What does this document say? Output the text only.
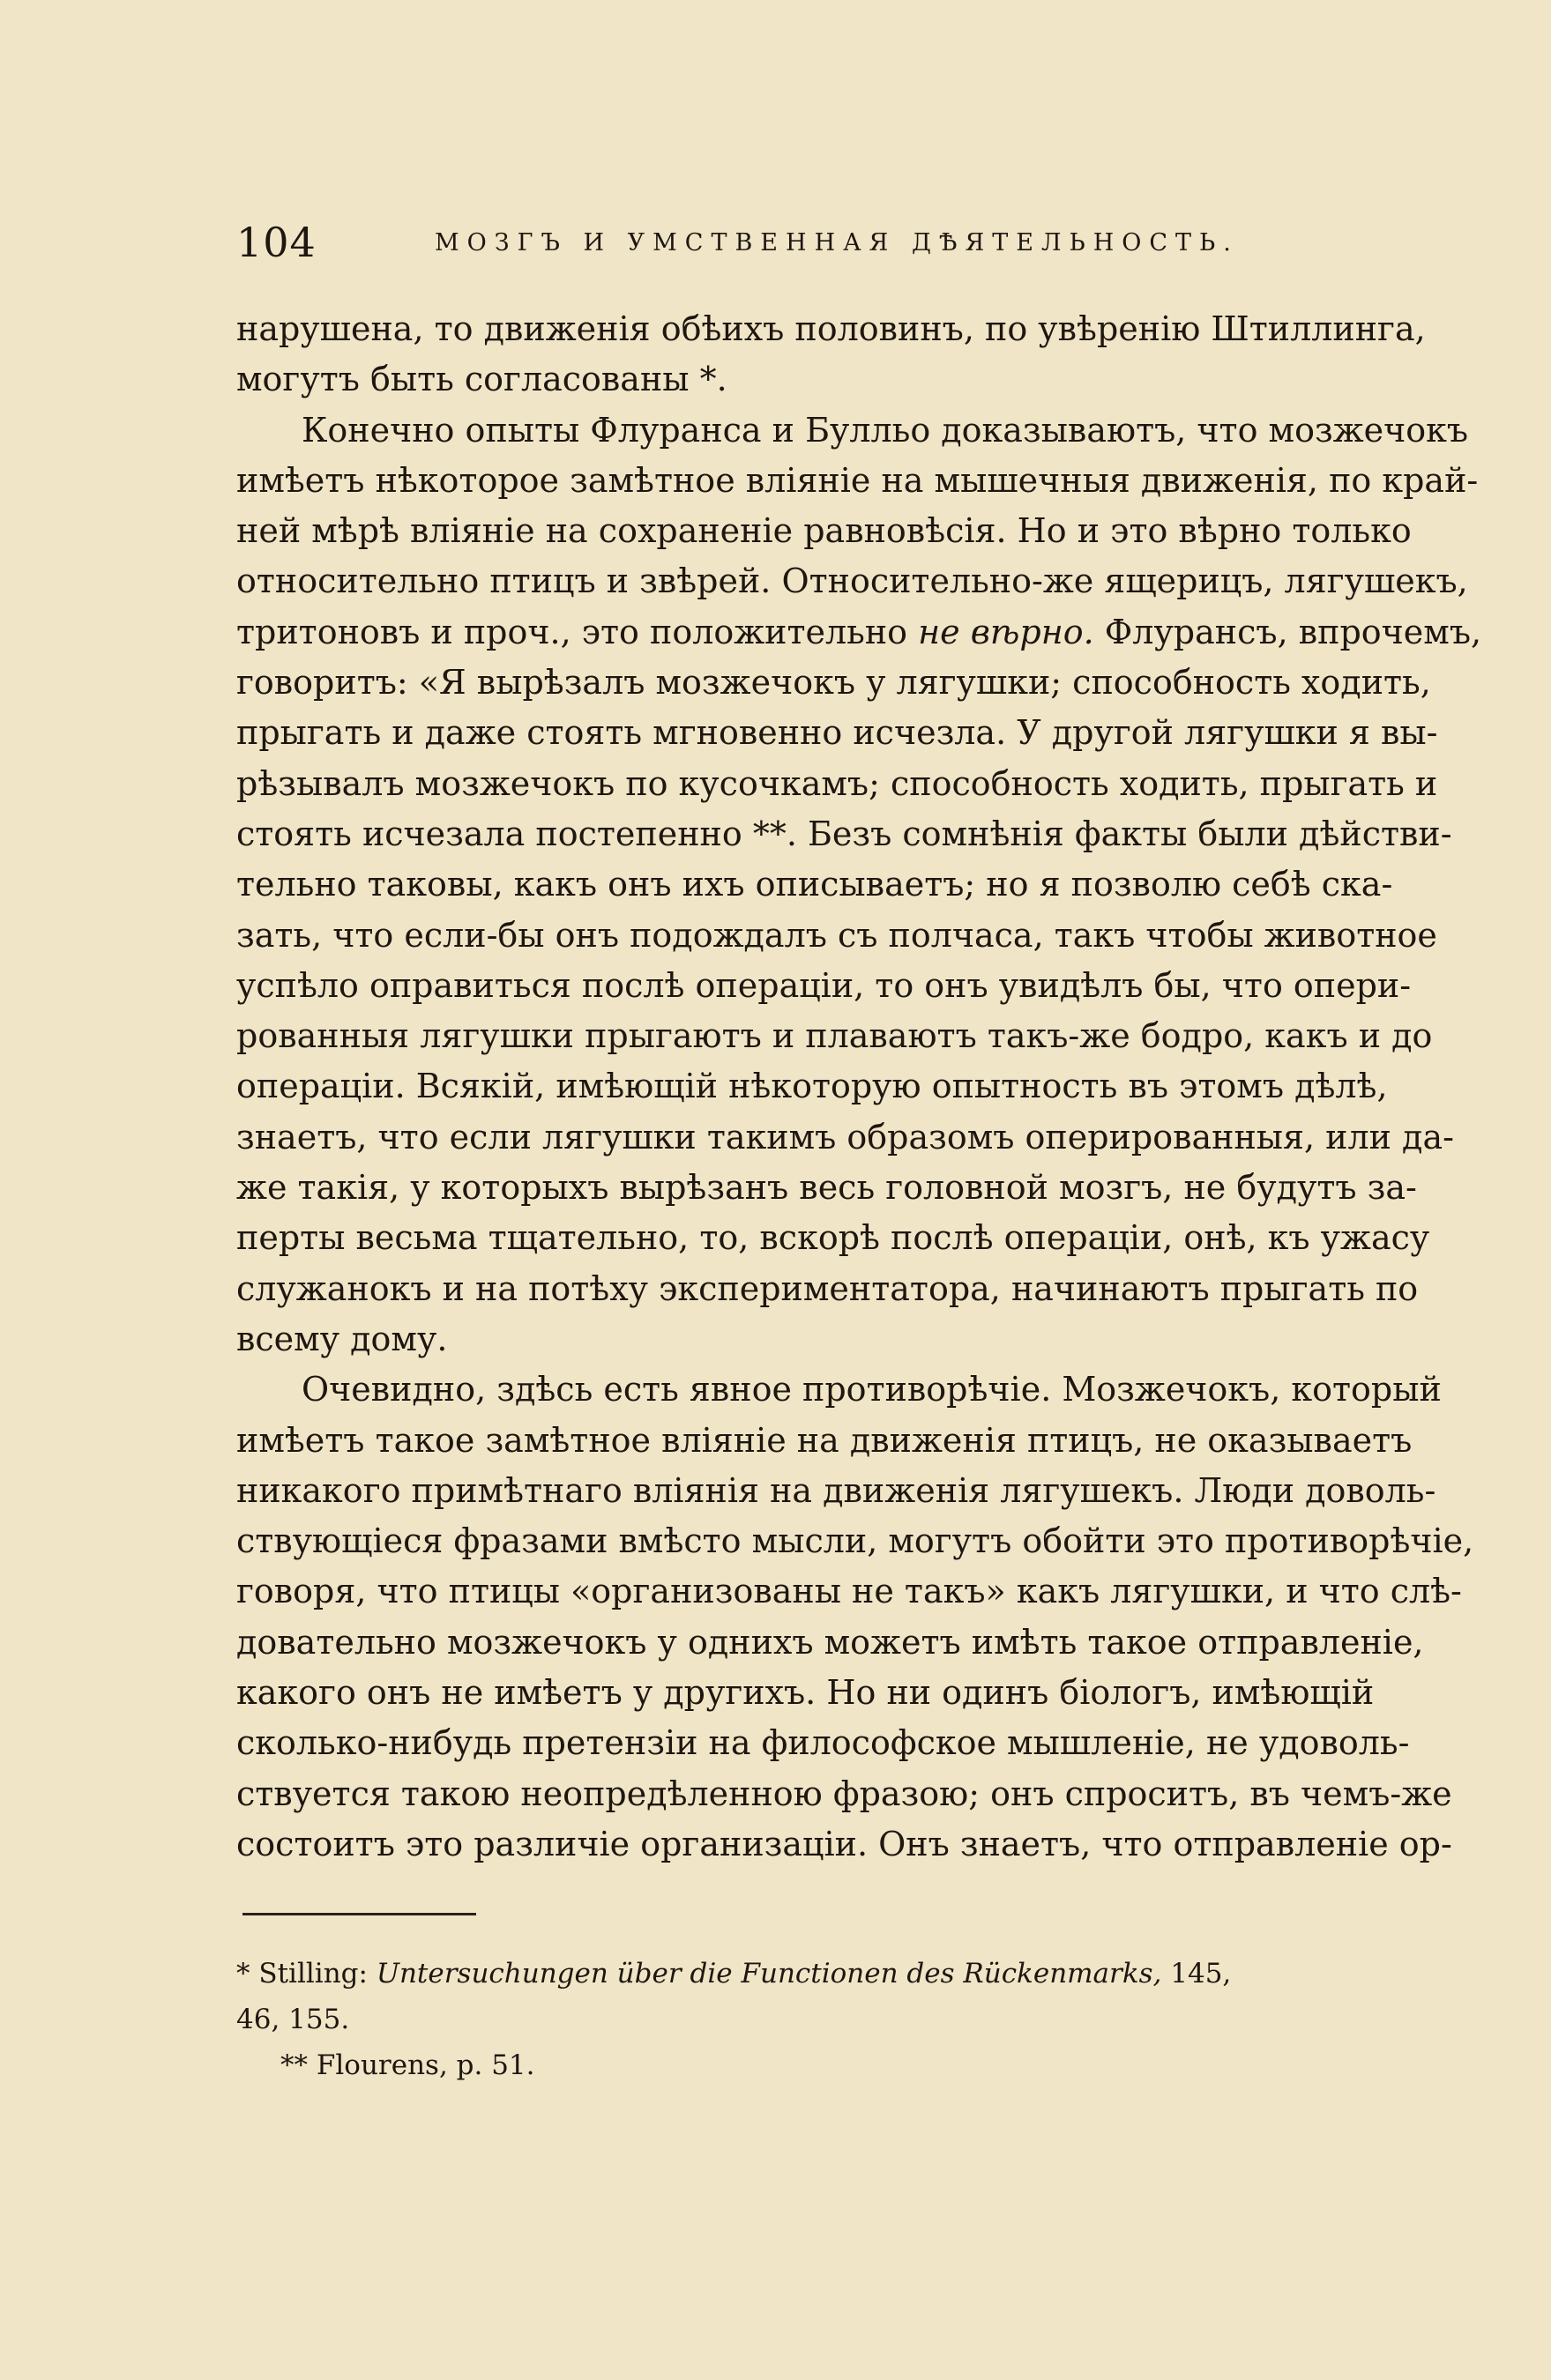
104	МОЗГЪ И УМСТВЕННАЯ ДѢЯТЕЛЬНОСТЬ.
нарушена, то движенія обѣихъ половинъ, по увѣренію Штиллинга,
могутъ быть согласованы *.
Конечно опыты Флуранса и Булльо доказываютъ, что мозжечокъ
имѣетъ нѣкоторое замѣтное вліяніе на мышечныя движенія, по край-
ней мѣрѣ вліяніе на сохраненіе равновѣсія. Но и это вѣрно только
относительно птицъ и звѣрей. Относительно-же ящерицъ, лягушекъ,
тритоновъ и проч., это положительно не вѣрно. Флурансъ, впрочемъ,
говоритъ: «Я вырѣзалъ мозжечокъ у лягушки; способность ходить,
прыгать и даже стоять мгновенно исчезла. У другой лягушки я вы-
рѣзывалъ мозжечокъ по кусочкамъ; способность ходить, прыгать и
стоять исчезала постепенно **. Безъ сомнѣнія факты были дѣйстви-
тельно таковы, какъ онъ ихъ описываетъ; но я позволю себѣ ска-
зать, что если-бы онъ подождалъ съ полчаса, такъ чтобы животное
успѣло оправиться послѣ операціи, то онъ увидѣлъ бы, что опери-
рованныя лягушки прыгаютъ и плаваютъ такъ-же бодро, какъ и до
операціи. Всякій, имѣющій нѣкоторую опытность въ этомъ дѣлѣ,
знаетъ, что если лягушки такимъ образомъ оперированныя, или да-
же такія, у которыхъ вырѣзанъ весь головной мозгъ, не будутъ за-
перты весьма тщательно, то, вскорѣ послѣ операціи, онѣ, къ ужасу
служанокъ и на потѣху экспериментатора, начинаютъ прыгать по
всему дому.
Очевидно, здѣсь есть явное противорѣчіе. Мозжечокъ, который
имѣетъ такое замѣтное вліяніе на движенія птицъ, не оказываетъ
никакого примѣтнаго вліянія на движенія лягушекъ. Люди доволь-
ствующіеся фразами вмѣсто мысли, могутъ обойти это противорѣчіе,
говоря, что птицы «организованы не такъ» какъ лягушки, и что слѣ-
довательно мозжечокъ у однихъ можетъ имѣть такое отправленіе,
какого онъ не имѣетъ у другихъ. Но ни одинъ біологъ, имѣющій
сколько-нибудь претензіи на философское мышленіе, не удоволь-
ствуется такою неопредѣленною фразою; онъ спроситъ, въ чемъ-же
состоитъ это различіе организаціи. Онъ знаетъ, что отправленіе ор-
* Stilling: Untersuchungen über die Functionen des Rückenmarks, 145,
46, 155.
** Flourens, p. 51.
